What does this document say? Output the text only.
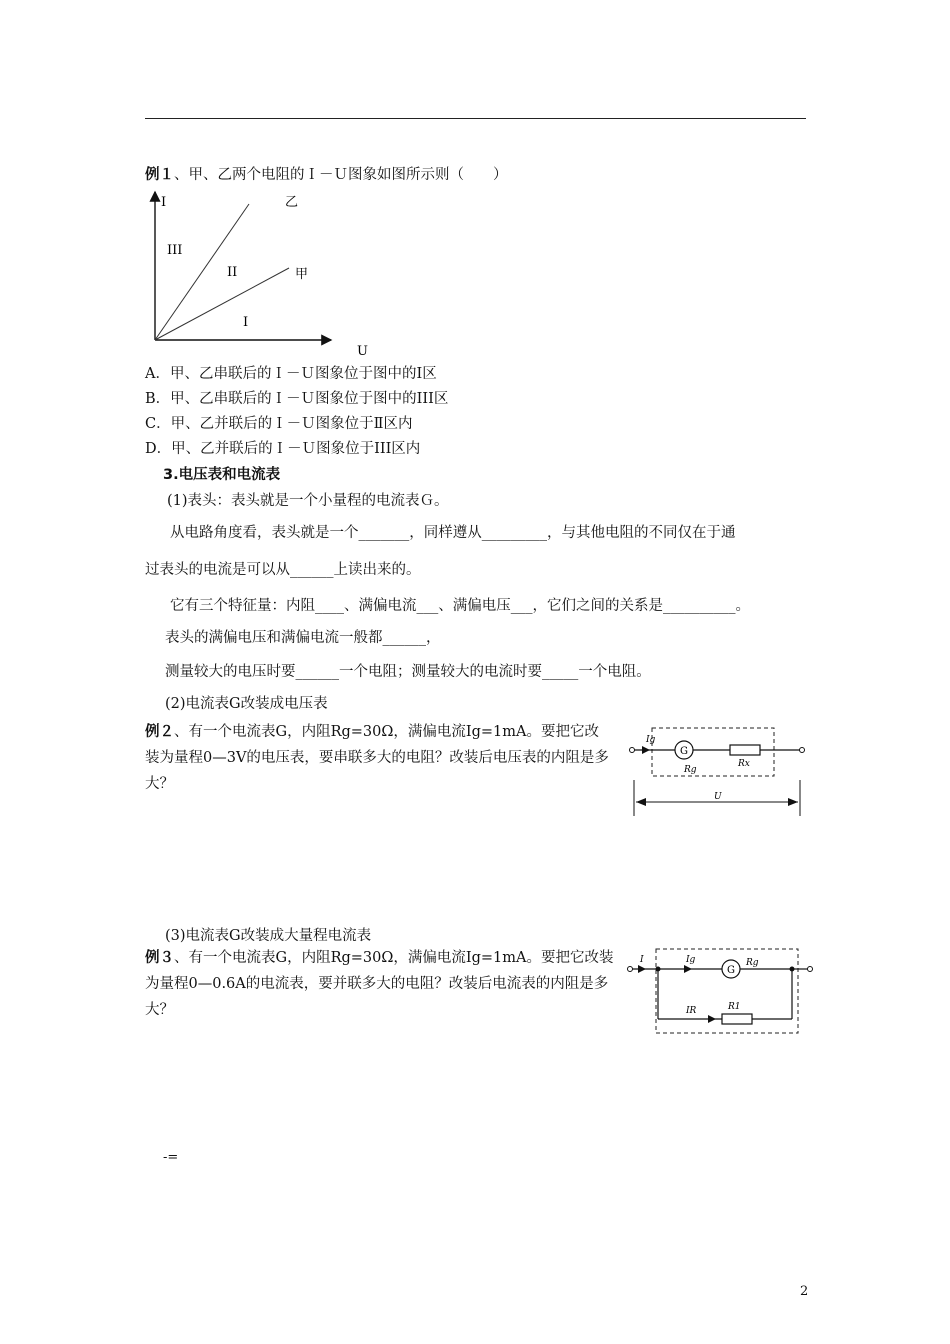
例１、甲、乙两个电阻的Ｉ－Ｕ图象如图所示则（　　）
I
U
乙
甲
III
II
I
A．甲、乙串联后的Ｉ－Ｕ图象位于图中的Ⅰ区
B．甲、乙串联后的Ｉ－Ｕ图象位于图中的III区
C．甲、乙并联后的Ｉ－Ｕ图象位于Ⅱ区内
D．甲、乙并联后的Ｉ－Ｕ图象位于III区内
3.电压表和电流表
(1)表头：表头就是一个小量程的电流表Ｇ。
从电路角度看，表头就是一个_______，同样遵从_________，与其他电阻的不同仅在于通
过表头的电流是可以从______上读出来的。
它有三个特征量：内阻____、满偏电流___、满偏电压___，它们之间的关系是__________。
表头的满偏电压和满偏电流一般都______，
测量较大的电压时要______一个电阻；测量较大的电流时要_____一个电阻。
(2)电流表G改装成电压表
例２、有一个电流表G，内阻Rg=30Ω，满偏电流Ig=1mA。要把它改装为量程0—3V的电压表，要串联多大的电阻？改装后电压表的内阻是多大？
G
Ig
Rg
Rx
U
(3)电流表G改装成大量程电流表
例３、有一个电流表G，内阻Rg=30Ω，满偏电流Ig=1mA。要把它改装为量程0—0.6A的电流表，要并联多大的电阻？改装后电流表的内阻是多大？
I	Ig
G
Rg
IR	R1
-=
2
